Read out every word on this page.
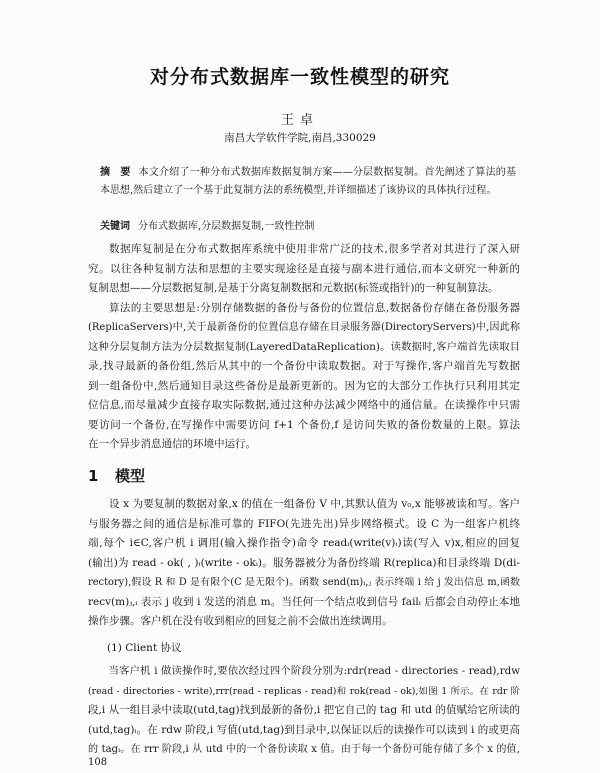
对分布式数据库一致性模型的研究
王卓
南昌大学软件学院,南昌,330029
摘　要 本文介绍了一种分布式数据库数据复制方案——分层数据复制。首先阐述了算法的基
本思想,然后建立了一个基于此复制方法的系统模型,并详细描述了该协议的具体执行过程。
关键词 分布式数据库,分层数据复制,一致性控制
数据库复制是在分布式数据库系统中使用非常广泛的技术,很多学者对其进行了深入研
究。以往各种复制方法和思想的主要实现途径是直接与副本进行通信,而本文研究一种新的
复制思想——分层数据复制,是基于分离复制数据和元数据(标签或指针)的一种复制算法。
算法的主要思想是:分别存储数据的备份与备份的位置信息,数据备份存储在备份服务器
(ReplicaServers)中,关于最新备份的位置信息存储在目录服务器(DirectoryServers)中,因此称
这种分层复制方法为分层数据复制(LayeredDataReplication)。读数据时,客户端首先读取目
录,找寻最新的备份组,然后从其中的一个备份中读取数据。对于写操作,客户端首先写数据
到一组备份中,然后通知目录这些备份是最新更新的。因为它的大部分工作执行只利用其定
位信息,而尽量减少直接存取实际数据,通过这种办法减少网络中的通信量。在读操作中只需
要访问一个备份,在写操作中需要访问 f+1 个备份,f 是访问失败的备份数量的上限。算法
在一个异步消息通信的环境中运行。
1 模型
设 x 为要复制的数据对象,x 的值在一组备份 V 中,其默认值为 v₀,x 能够被读和写。客户
与服务器之间的通信是标准可靠的 FIFO(先进先出)异步网络模式。设 C 为一组客户机终
端,每个 i∈C,客户机 i 调用(输入操作指令)命令 readᵢ(write(v)ᵢ)读(写入 v)x,相应的回复
(输出)为 read - ok( , )ᵢ(write - okᵢ)。服务器被分为备份终端 R(replica)和目录终端 D(di-
rectory),假设 R 和 D 是有限个(C 是无限个)。函数 send(m)ᵢ,ⱼ 表示终端 i 给 j 发出信息 m,函数
recv(m)ⱼ,ᵢ 表示 j 收到 i 发送的消息 m。当任何一个结点收到信号 failᵢ 后都会自动停止本地
操作步骤。客户机在没有收到相应的回复之前不会做出连续调用。
(1) Client 协议
当客户机 i 做读操作时,要依次经过四个阶段分别为:rdr(read - directories - read),rdw
(read - directories - write),rrr(read - replicas - read)和 rok(read - ok),如图 1 所示。在 rdr 阶
段,i 从一组目录中读取(utd,tag)找到最新的备份,i 把它自己的 tag 和 utd 的值赋给它所读的
(utd,tag)ᵢ。在 rdw 阶段,i 写值(utd,tag)到目录中,以保证以后的读操作可以读到 i 的或更高
的 tagᵢ。在 rrr 阶段,i 从 utd 中的一个备份读取 x 值。由于每一个备份可能存储了多个 x 的值,
108
